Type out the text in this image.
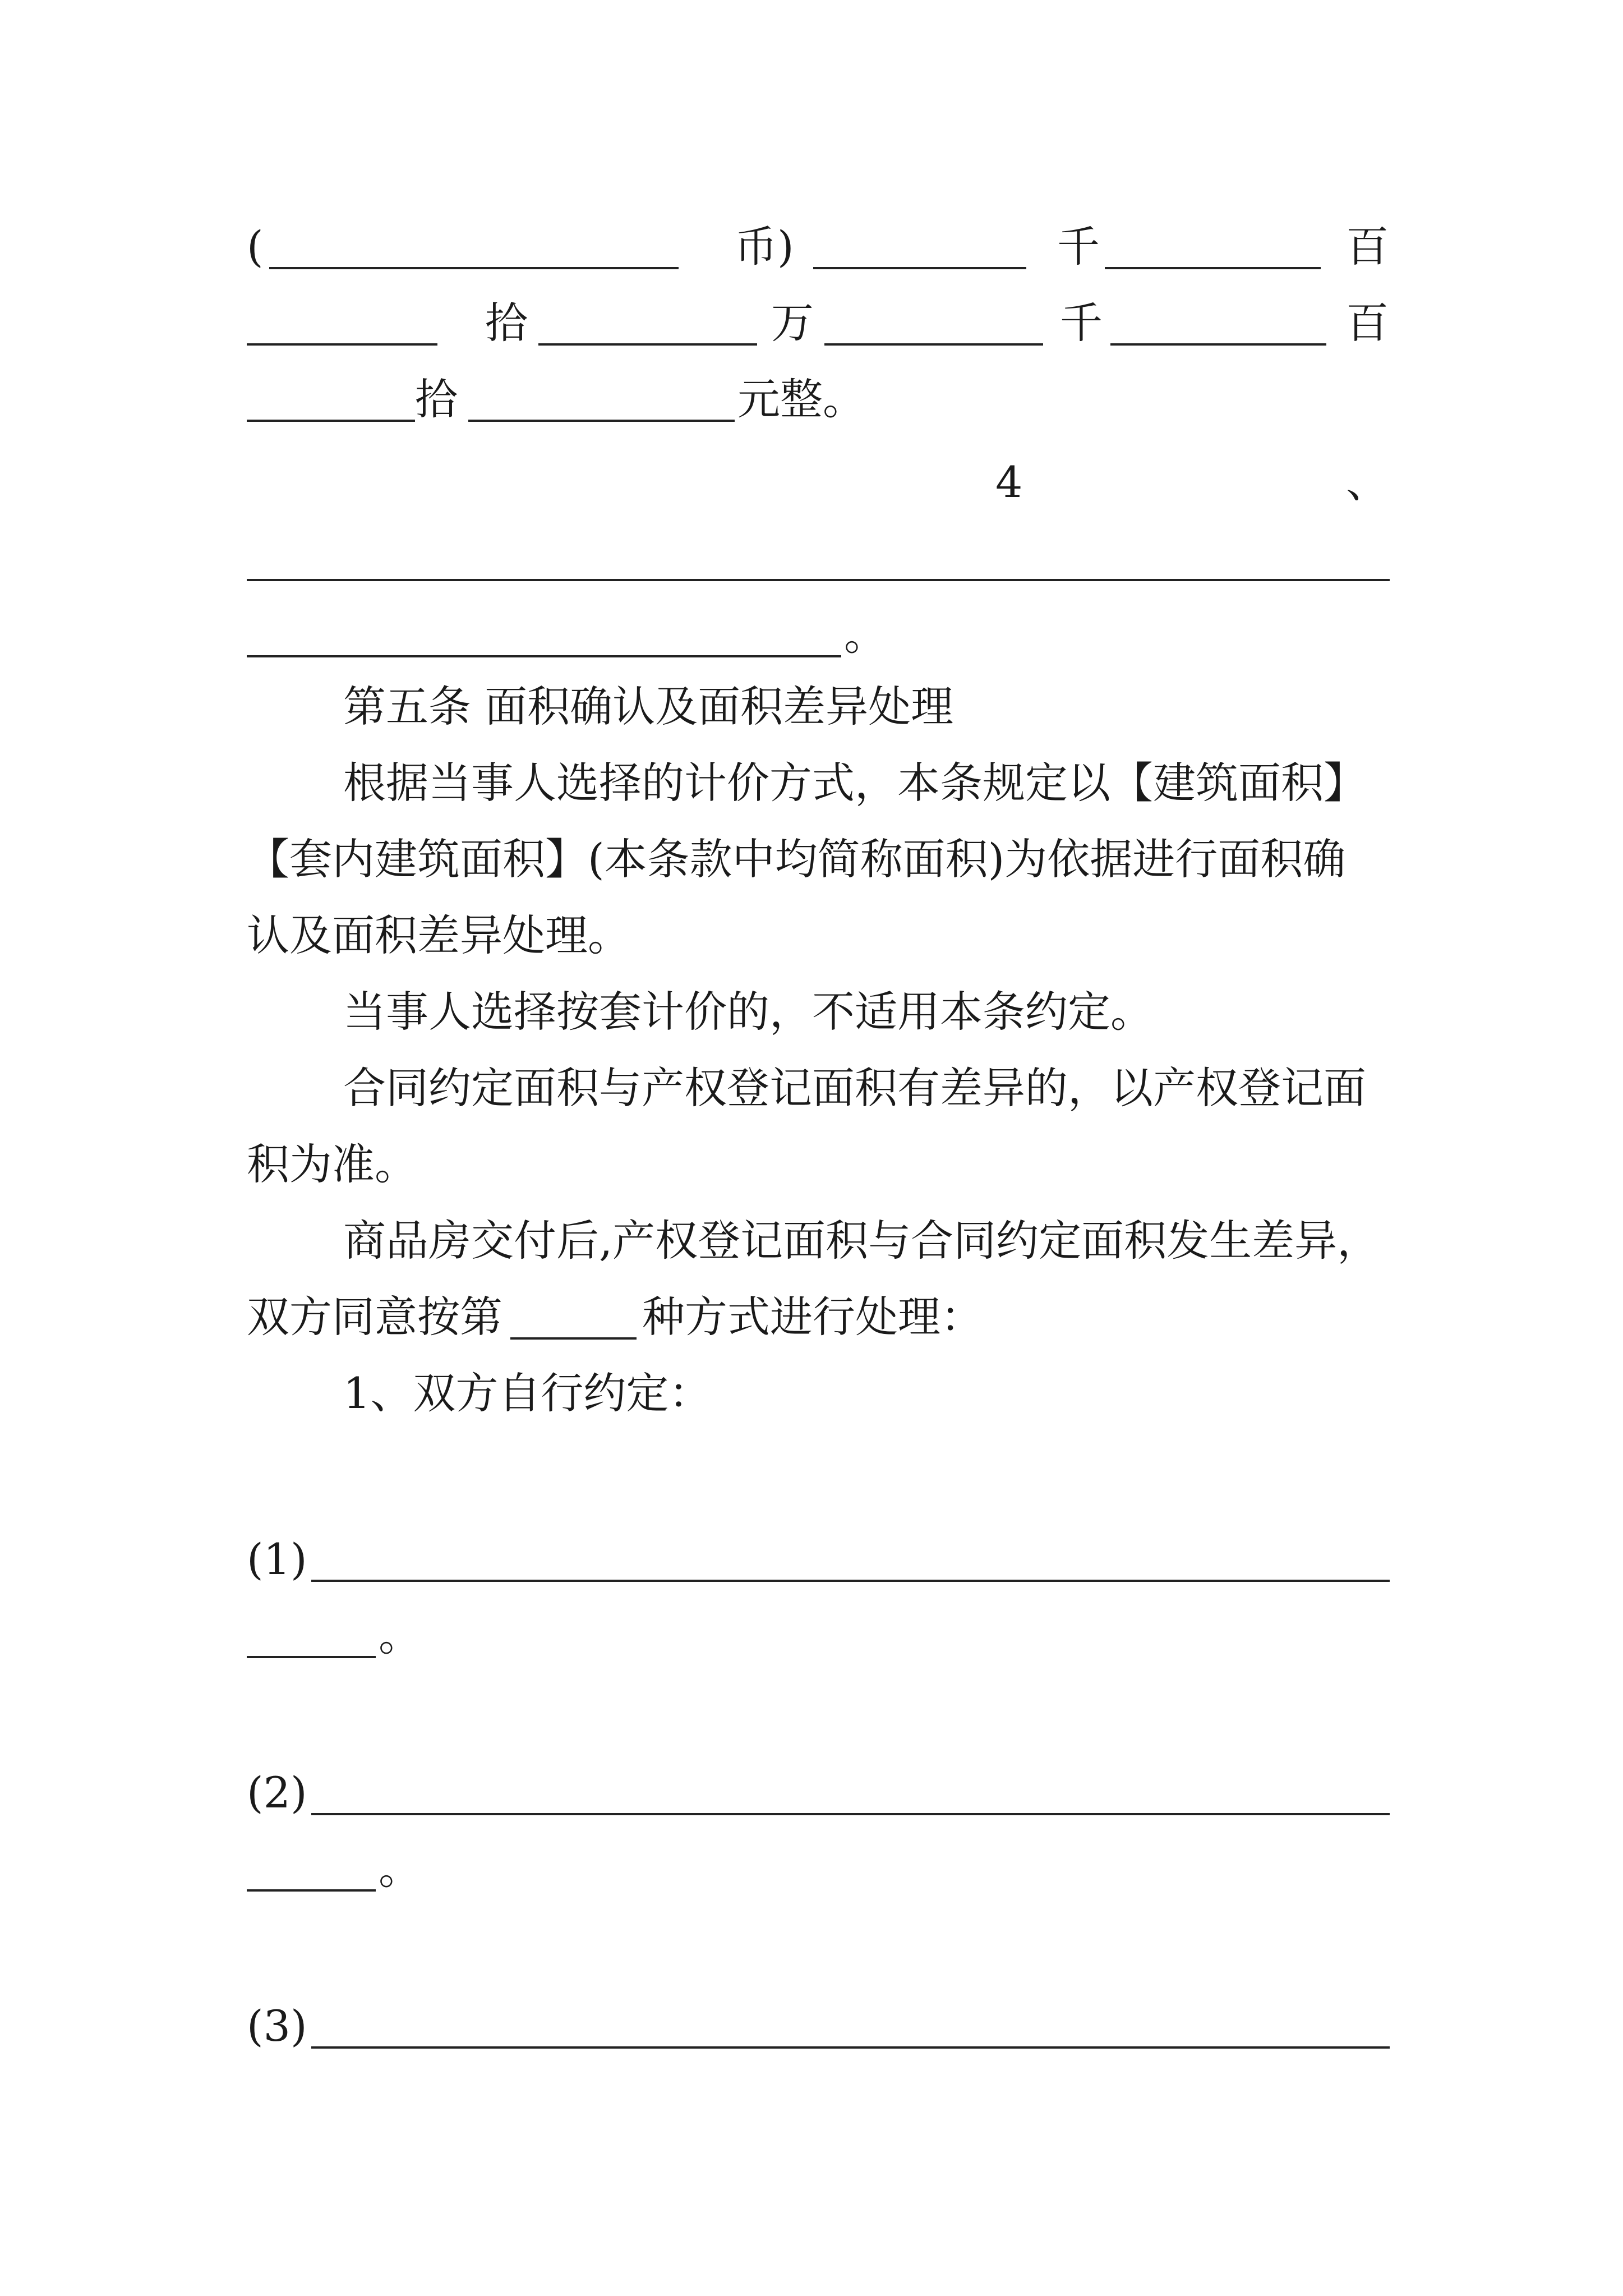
(	币)	千	百
拾	万	千	百
拾	元整。
4	、
。
第五条 面积确认及面积差异处理
根据当事人选择的计价方式，本条规定以【建筑面积】
【套内建筑面积】(本条款中均简称面积)为依据进行面积确
认及面积差异处理。
当事人选择按套计价的，不适用本条约定。
合同约定面积与产权登记面积有差异的，以产权登记面
积为准。
商品房交付后,产权登记面积与合同约定面积发生差异，
双方同意按第	种方式进行处理：
1、双方自行约定：
(1)
。
(2)
。
(3)
